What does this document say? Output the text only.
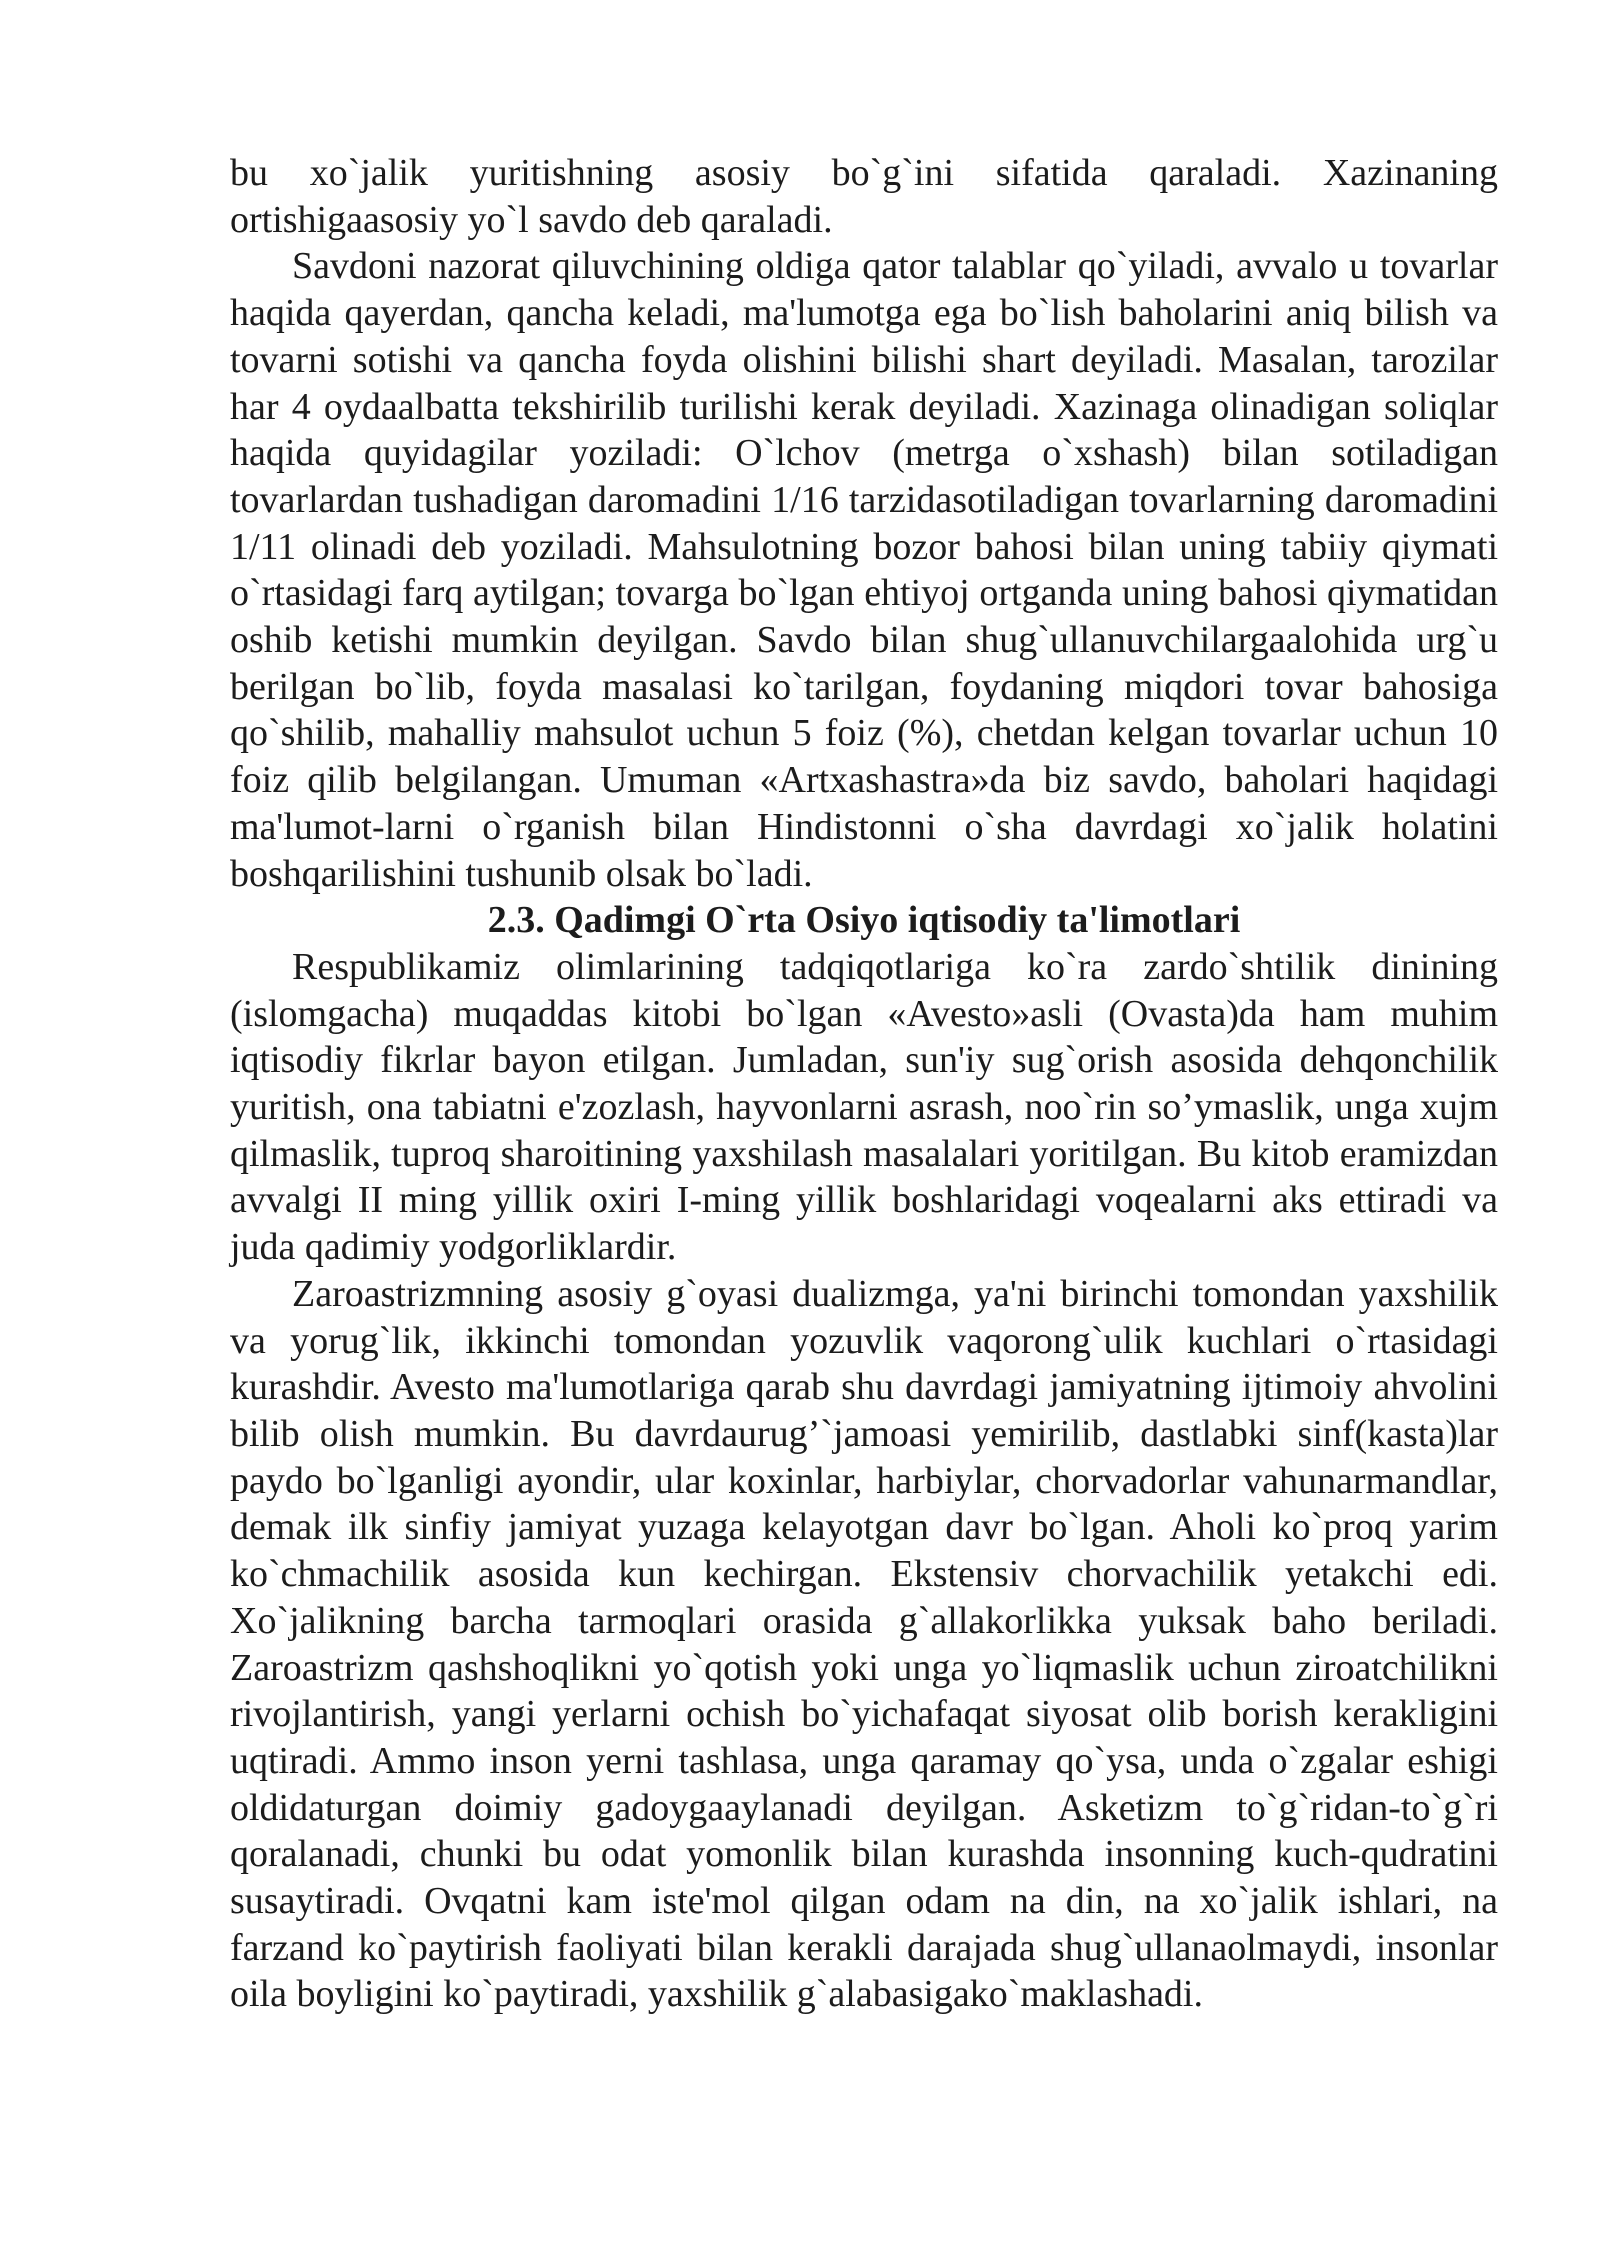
bu xo`jalik yuritishning asosiy bo`g`ini sifatida qaraladi. Xazinaning ortishigaasosiy yo`l savdo deb qaraladi.

Savdoni nazorat qiluvchining oldiga qator talablar qo`yiladi, avvalo u tovarlar haqida qayerdan, qancha keladi, ma'lumotga ega bo`lish baholarini aniq bilish va tovarni sotishi va qancha foyda olishini bilishi shart deyiladi. Masalan, tarozilar har 4 oydaalbatta tekshirilib turilishi kerak deyiladi. Xazinaga olinadigan soliqlar haqida quyidagilar yoziladi: O`lchov (metrga o`xshash) bilan sotiladigan tovarlardan tushadigan daromadini 1/16 tarzidasotiladigan tovarlarning daromadini 1/11 olinadi deb yoziladi. Mahsulotning bozor bahosi bilan uning tabiiy qiymati o`rtasidagi farq aytilgan; tovarga bo`lgan ehtiyoj ortganda uning bahosi qiymatidan oshib ketishi mumkin deyilgan. Savdo bilan shug`ullanuvchilargaalohida urg`u berilgan bo`lib, foyda masalasi ko`tarilgan, foydaning miqdori tovar bahosiga qo`shilib, mahalliy mahsulot uchun 5 foiz (%), chetdan kelgan tovarlar uchun 10 foiz qilib belgilangan. Umuman «Artxashastra»da biz savdo, baholari haqidagi ma'lumot-larni o`rganish bilan Hindistonni o`sha davrdagi xo`jalik holatini boshqarilishini tushunib olsak bo`ladi.

2.3. Qadimgi O`rta Osiyo iqtisodiy ta'limotlari

Respublikamiz olimlarining tadqiqotlariga ko`ra zardo`shtilik dinining (islomgacha) muqaddas kitobi bo`lgan «Avesto»asli (Ovasta)da ham muhim iqtisodiy fikrlar bayon etilgan. Jumladan, sun'iy sug`orish asosida dehqonchilik yuritish, ona tabiatni e'zozlash, hayvonlarni asrash, noo`rin so’ymaslik, unga xujm qilmaslik, tuproq sharoitining yaxshilash masalalari yoritilgan. Bu kitob eramizdan avvalgi II ming yillik oxiri I-ming yillik boshlaridagi voqealarni aks ettiradi va juda qadimiy yodgorliklardir.

Zaroastrizmning asosiy g`oyasi dualizmga, ya'ni birinchi tomondan yaxshilik va yorug`lik, ikkinchi tomondan yozuvlik vaqorong`ulik kuchlari o`rtasidagi kurashdir. Avesto ma'lumotlariga qarab shu davrdagi jamiyatning ijtimoiy ahvolini bilib olish mumkin. Bu davrdaurug’`jamoasi yemirilib, dastlabki sinf(kasta)lar paydo bo`lganligi ayondir, ular koxinlar, harbiylar, chorvadorlar vahunarmandlar, demak ilk sinfiy jamiyat yuzaga kelayotgan davr bo`lgan. Aholi ko`proq yarim ko`chmachilik asosida kun kechirgan. Ekstensiv chorvachilik yetakchi edi. Xo`jalikning barcha tarmoqlari orasida g`allakorlikka yuksak baho beriladi. Zaroastrizm qashshoqlikni yo`qotish yoki unga yo`liqmaslik uchun ziroatchilikni rivojlantirish, yangi yerlarni ochish bo`yichafaqat siyosat olib borish kerakligini uqtiradi. Ammo inson yerni tashlasa, unga qaramay qo`ysa, unda o`zgalar eshigi oldidaturgan doimiy gadoygaaylanadi deyilgan. Asketizm to`g`ridan-to`g`ri qoralanadi, chunki bu odat yomonlik bilan kurashda insonning kuch-qudratini susaytiradi. Ovqatni kam iste'mol qilgan odam na din, na xo`jalik ishlari, na farzand ko`paytirish faoliyati bilan kerakli darajada shug`ullanaolmaydi, insonlar oila boyligini ko`paytiradi, yaxshilik g`alabasigako`maklashadi.
